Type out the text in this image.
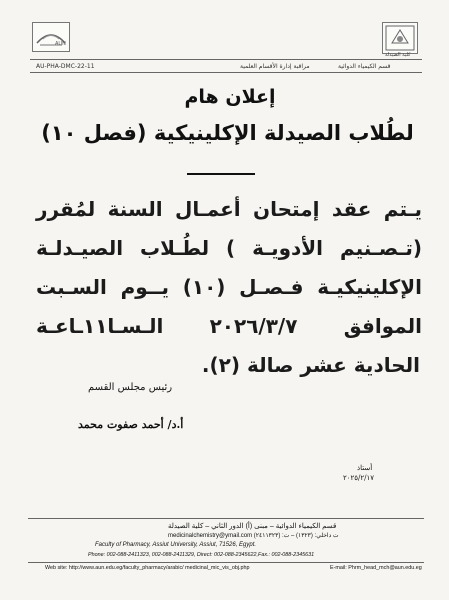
AUN
كلية الصيدلة
AU-PHA-DMC-22-11	مراقبة إدارة الأقسام العلمية	قسم الكيمياء الدوائية
إعلان هام
لطُلاب الصيدلة الإكلينيكية (فصل ١٠)
يـتم عقد إمتحان أعمـال السنة لمُقرر
(تـصـنيم الأدويـة ) لطُـلاب الصيـدلـة
الإكلينيكيـة فـصـل (١٠) يــوم السـبت
الموافق ٢٠٢٦/٣/٧ الـسـا١١ـاعـة
الحادية عشر صالة (٢).
رئيس مجلس القسم
أ.د/ أحمد صفوت محمد
أستاذ
٢٠٢٥/٢/١٧
قسم الكيمياء الدوائية – مبنى (أ) الدور الثاني – كلية الصيدلة
medicinalchemistry@ymail.com ت داخلي: (١٣٢٣) – ت: (٢٤١١٣٢٣)
Faculty of Pharmacy, Assiut University, Assiut, 71526, Egypt.
Phone: 002-088-2411323, 002-088-2411329, Direct: 002-088-2345622,Fax.: 002-088-2345631
Web site: http://www.aun.edu.eg/faculty_pharmacy/arabic/ medicinal_mic_vis_obj.php	E-mail: Phrm_head_mch@aun.edu.eg
